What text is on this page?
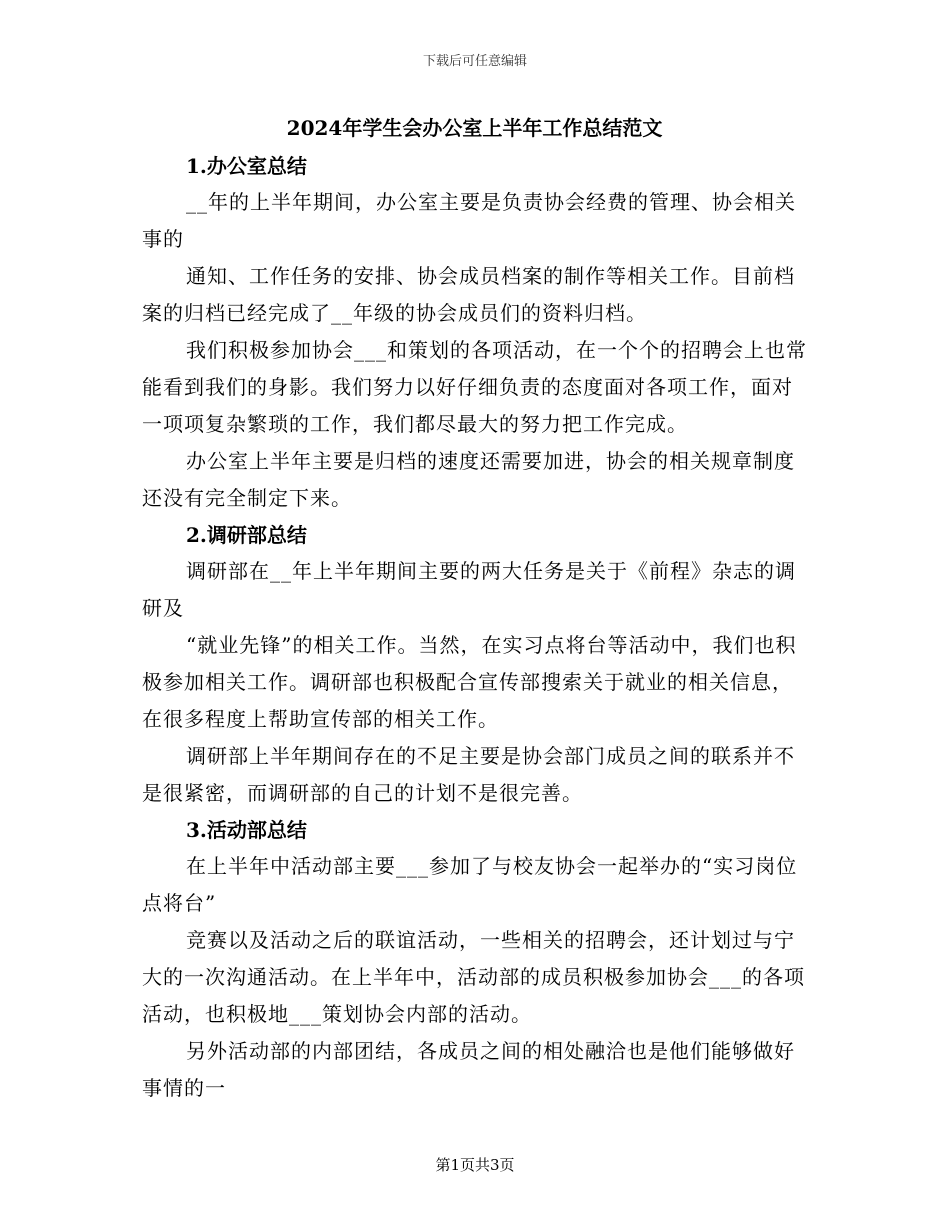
下载后可任意编辑
2024年学生会办公室上半年工作总结范文
1.办公室总结

__年的上半年期间，办公室主要是负责协会经费的管理、协会相关事的

通知、工作任务的安排、协会成员档案的制作等相关工作。目前档案的归档已经完成了__年级的协会成员们的资料归档。

我们积极参加协会___和策划的各项活动，在一个个的招聘会上也常能看到我们的身影。我们努力以好仔细负责的态度面对各项工作，面对一项项复杂繁琐的工作，我们都尽最大的努力把工作完成。

办公室上半年主要是归档的速度还需要加进，协会的相关规章制度还没有完全制定下来。

2.调研部总结

调研部在__年上半年期间主要的两大任务是关于《前程》杂志的调研及

“就业先锋”的相关工作。当然，在实习点将台等活动中，我们也积极参加相关工作。调研部也积极配合宣传部搜索关于就业的相关信息，在很多程度上帮助宣传部的相关工作。

调研部上半年期间存在的不足主要是协会部门成员之间的联系并不是很紧密，而调研部的自己的计划不是很完善。

3.活动部总结

在上半年中活动部主要___参加了与校友协会一起举办的“实习岗位点将台”

竞赛以及活动之后的联谊活动，一些相关的招聘会，还计划过与宁大的一次沟通活动。在上半年中，活动部的成员积极参加协会___的各项活动，也积极地___策划协会内部的活动。

另外活动部的内部团结，各成员之间的相处融洽也是他们能够做好事情的一

第1页共3页
